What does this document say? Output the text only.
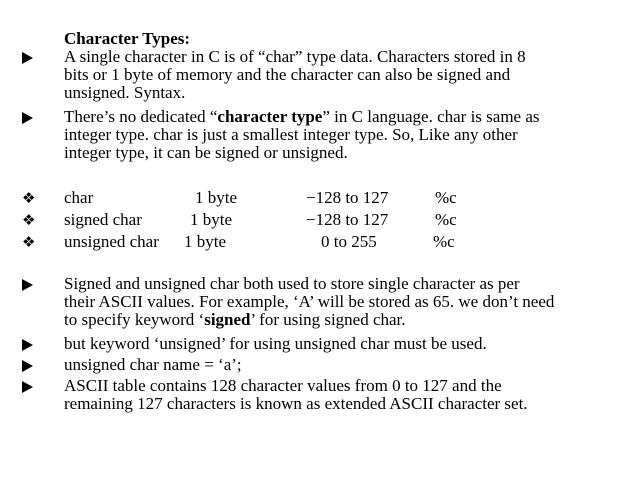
Character Types:
A single character in C is of “char” type data. Characters stored in 8
bits or 1 byte of memory and the character can also be signed and
unsigned. Syntax.
There’s no dedicated “character type” in C language. char is same as
integer type. char is just a smallest integer type. So, Like any other
integer type, it can be signed or unsigned.
❖ char	1 byte	−128 to 127	%c
❖ signed char	1 byte	−128 to 127	%c
❖ unsigned char 1 byte	0 to 255	%c
Signed and unsigned char both used to store single character as per
their ASCII values. For example, ‘A’ will be stored as 65. we don’t need
to specify keyword ‘signed’ for using signed char.
but keyword ‘unsigned’ for using unsigned char must be used.
unsigned char name = ‘a’;
ASCII table contains 128 character values from 0 to 127 and the
remaining 127 characters is known as extended ASCII character set.
